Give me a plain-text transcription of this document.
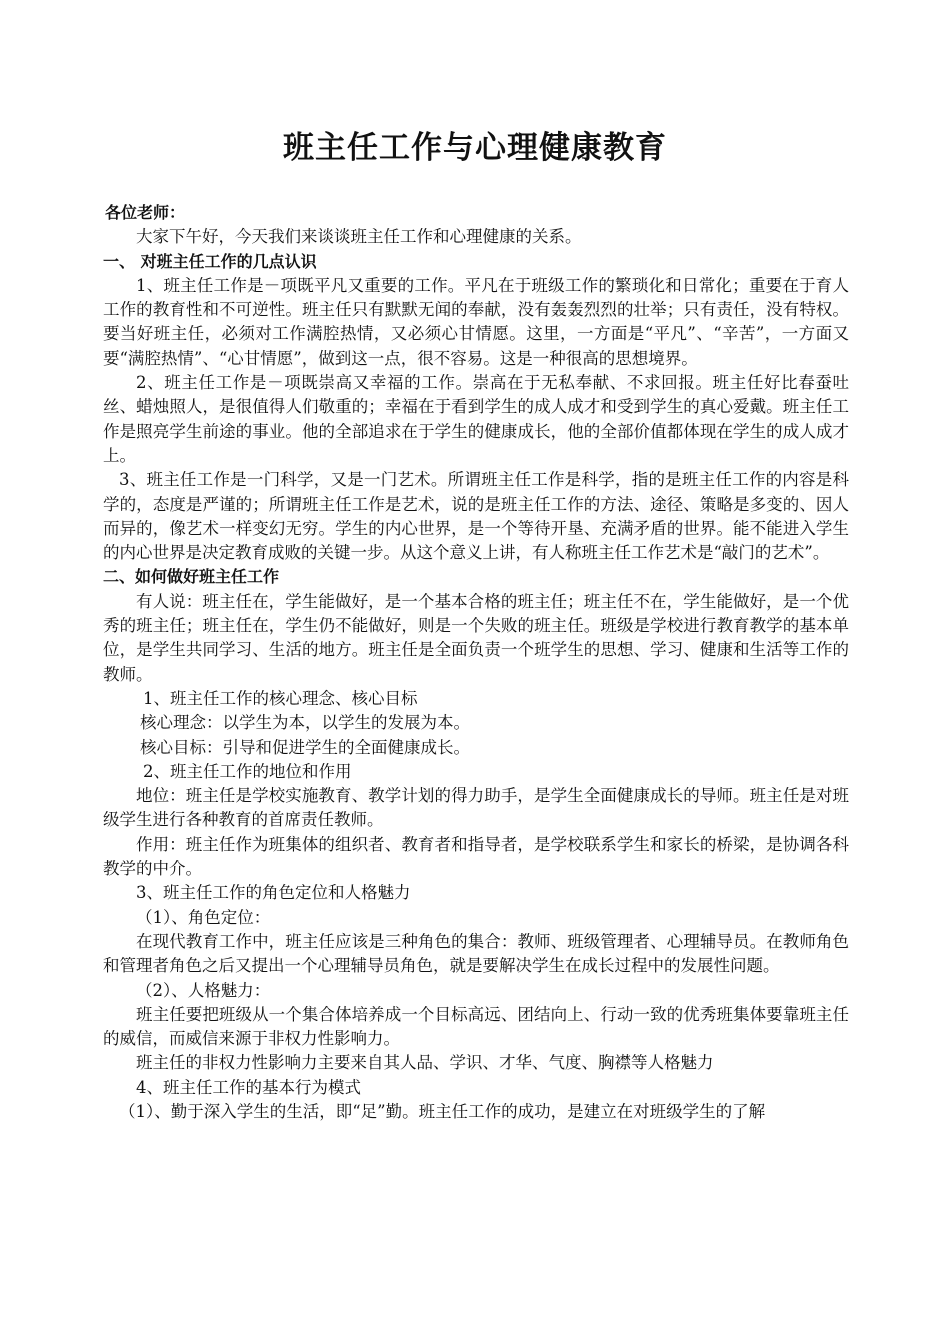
班主任工作与心理健康教育

各位老师：

大家下午好，今天我们来谈谈班主任工作和心理健康的关系。

一、 对班主任工作的几点认识

1、班主任工作是－项既平凡又重要的工作。平凡在于班级工作的繁琐化和日常化；重要在于育人工作的教育性和不可逆性。班主任只有默默无闻的奉献，没有轰轰烈烈的壮举；只有责任，没有特权。要当好班主任，必须对工作满腔热情，又必须心甘情愿。这里，一方面是“平凡”、“辛苦”，一方面又要“满腔热情”、“心甘情愿”，做到这一点，很不容易。这是一种很高的思想境界。

2、班主任工作是－项既崇高又幸福的工作。崇高在于无私奉献、不求回报。班主任好比春蚕吐丝、蜡烛照人，是很值得人们敬重的；幸福在于看到学生的成人成才和受到学生的真心爱戴。班主任工作是照亮学生前途的事业。他的全部追求在于学生的健康成长，他的全部价值都体现在学生的成人成才上。

3、班主任工作是一门科学，又是一门艺术。所谓班主任工作是科学，指的是班主任工作的内容是科学的，态度是严谨的；所谓班主任工作是艺术，说的是班主任工作的方法、途径、策略是多变的、因人而异的，像艺术一样变幻无穷。学生的内心世界，是一个等待开垦、充满矛盾的世界。能不能进入学生的内心世界是决定教育成败的关键一步。从这个意义上讲，有人称班主任工作艺术是“敲门的艺术”。

二、如何做好班主任工作

有人说：班主任在，学生能做好，是一个基本合格的班主任；班主任不在，学生能做好，是一个优秀的班主任；班主任在，学生仍不能做好，则是一个失败的班主任。班级是学校进行教育教学的基本单位，是学生共同学习、生活的地方。班主任是全面负责一个班学生的思想、学习、健康和生活等工作的教师。

1、班主任工作的核心理念、核心目标

核心理念：以学生为本，以学生的发展为本。

核心目标：引导和促进学生的全面健康成长。

2、班主任工作的地位和作用

地位：班主任是学校实施教育、教学计划的得力助手，是学生全面健康成长的导师。班主任是对班级学生进行各种教育的首席责任教师。

作用：班主任作为班集体的组织者、教育者和指导者，是学校联系学生和家长的桥梁，是协调各科教学的中介。

3、班主任工作的角色定位和人格魅力

（1）、角色定位：

在现代教育工作中，班主任应该是三种角色的集合：教师、班级管理者、心理辅导员。在教师角色和管理者角色之后又提出一个心理辅导员角色，就是要解决学生在成长过程中的发展性问题。

（2）、人格魅力：

班主任要把班级从一个集合体培养成一个目标高远、团结向上、行动一致的优秀班集体要靠班主任的威信，而威信来源于非权力性影响力。

班主任的非权力性影响力主要来自其人品、学识、才华、气度、胸襟等人格魅力

4、班主任工作的基本行为模式

（1）、勤于深入学生的生活，即“足”勤。班主任工作的成功，是建立在对班级学生的了解
